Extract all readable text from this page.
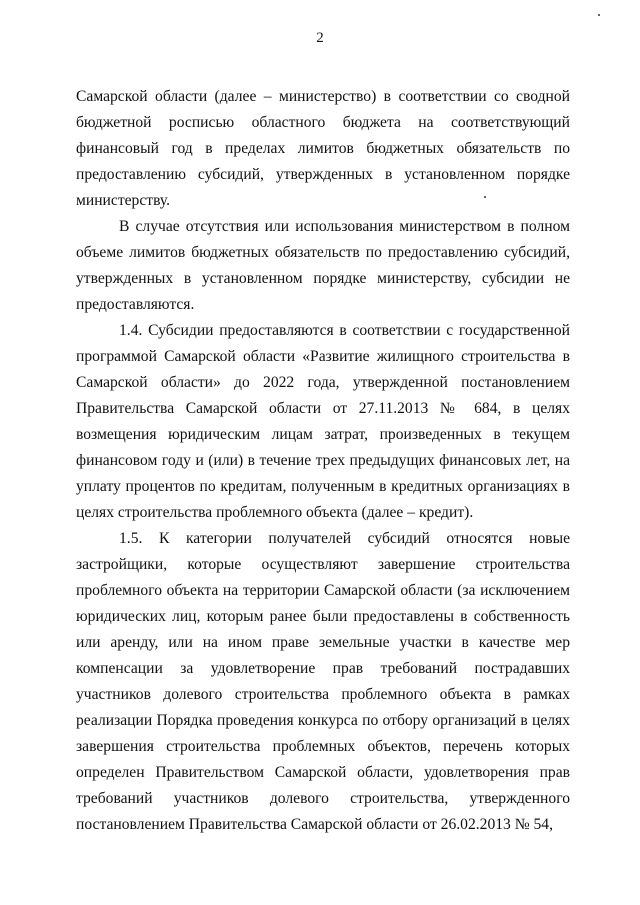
2

Самарской области (далее – министерство) в соответствии со сводной бюджетной росписью областного бюджета на соответствующий финансовый год в пределах лимитов бюджетных обязательств по предоставлению субсидий, утвержденных в установленном порядке министерству.

В случае отсутствия или использования министерством в полном объеме лимитов бюджетных обязательств по предоставлению субсидий, утвержденных в установленном порядке министерству, субсидии не предоставляются.

1.4. Субсидии предоставляются в соответствии с государственной программой Самарской области «Развитие жилищного строительства в Самарской области» до 2022 года, утвержденной постановлением Правительства Самарской области от 27.11.2013 № 684, в целях возмещения юридическим лицам затрат, произведенных в текущем финансовом году и (или) в течение трех предыдущих финансовых лет, на уплату процентов по кредитам, полученным в кредитных организациях в целях строительства проблемного объекта (далее – кредит).

1.5. К категории получателей субсидий относятся новые застройщики, которые осуществляют завершение строительства проблемного объекта на территории Самарской области (за исключением юридических лиц, которым ранее были предоставлены в собственность или аренду, или на ином праве земельные участки в качестве мер компенсации за удовлетворение прав требований пострадавших участников долевого строительства проблемного объекта в рамках реализации Порядка проведения конкурса по отбору организаций в целях завершения строительства проблемных объектов, перечень которых определен Правительством Самарской области, удовлетворения прав требований участников долевого строительства, утвержденного постановлением Правительства Самарской области от 26.02.2013 № 54,
